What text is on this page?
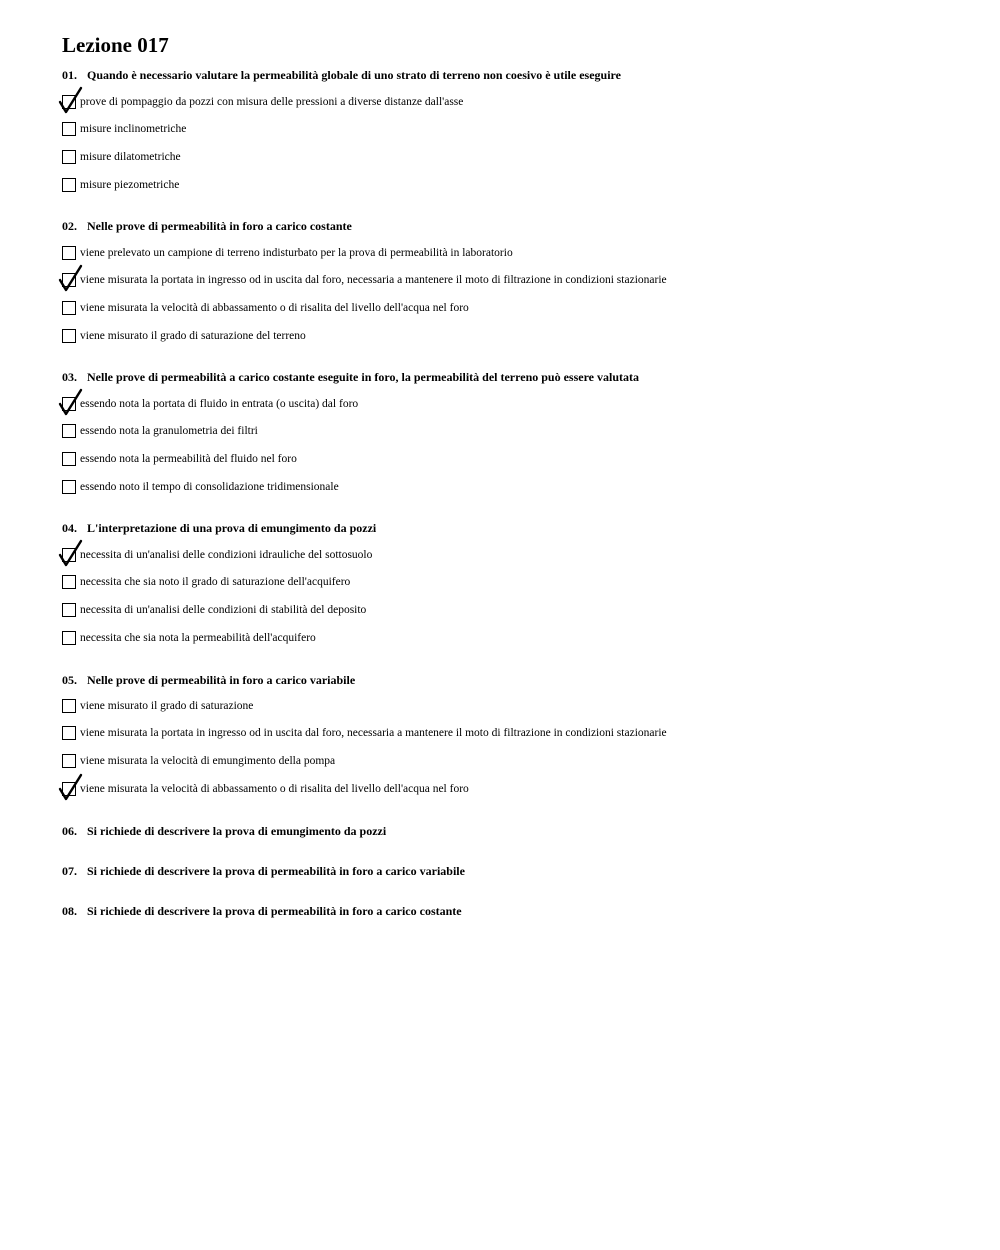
Lezione 017
01. Quando è necessario valutare la permeabilità globale di uno strato di terreno non coesivo è utile eseguire
prove di pompaggio da pozzi con misura delle pressioni a diverse distanze dall'asse
misure inclinometriche
misure dilatometriche
misure piezometriche
02. Nelle prove di permeabilità in foro a carico costante
viene prelevato un campione di terreno indisturbato per la prova di permeabilità in laboratorio
viene misurata la portata in ingresso od in uscita dal foro, necessaria a mantenere il moto di filtrazione in condizioni stazionarie
viene misurata la velocità di abbassamento o di risalita del livello dell'acqua nel foro
viene misurato il grado di saturazione del terreno
03. Nelle prove di permeabilità a carico costante eseguite in foro, la permeabilità del terreno può essere valutata
essendo nota la portata di fluido in entrata (o uscita) dal foro
essendo nota la granulometria dei filtri
essendo nota la permeabilità del fluido nel foro
essendo noto il tempo di consolidazione tridimensionale
04. L'interpretazione di una prova di emungimento da pozzi
necessita di un'analisi delle condizioni idrauliche del sottosuolo
necessita che sia noto il grado di saturazione dell'acquifero
necessita di un'analisi delle condizioni di stabilità del deposito
necessita che sia nota la permeabilità dell'acquifero
05. Nelle prove di permeabilità in foro a carico variabile
viene misurato il grado di saturazione
viene misurata la portata in ingresso od in uscita dal foro, necessaria a mantenere il moto di filtrazione in condizioni stazionarie
viene misurata la velocità di emungimento della pompa
viene misurata la velocità di abbassamento o di risalita del livello dell'acqua nel foro
06. Si richiede di descrivere la prova di emungimento da pozzi
07. Si richiede di descrivere la prova di permeabilità in foro a carico variabile
08. Si richiede di descrivere la prova di permeabilità in foro a carico costante
